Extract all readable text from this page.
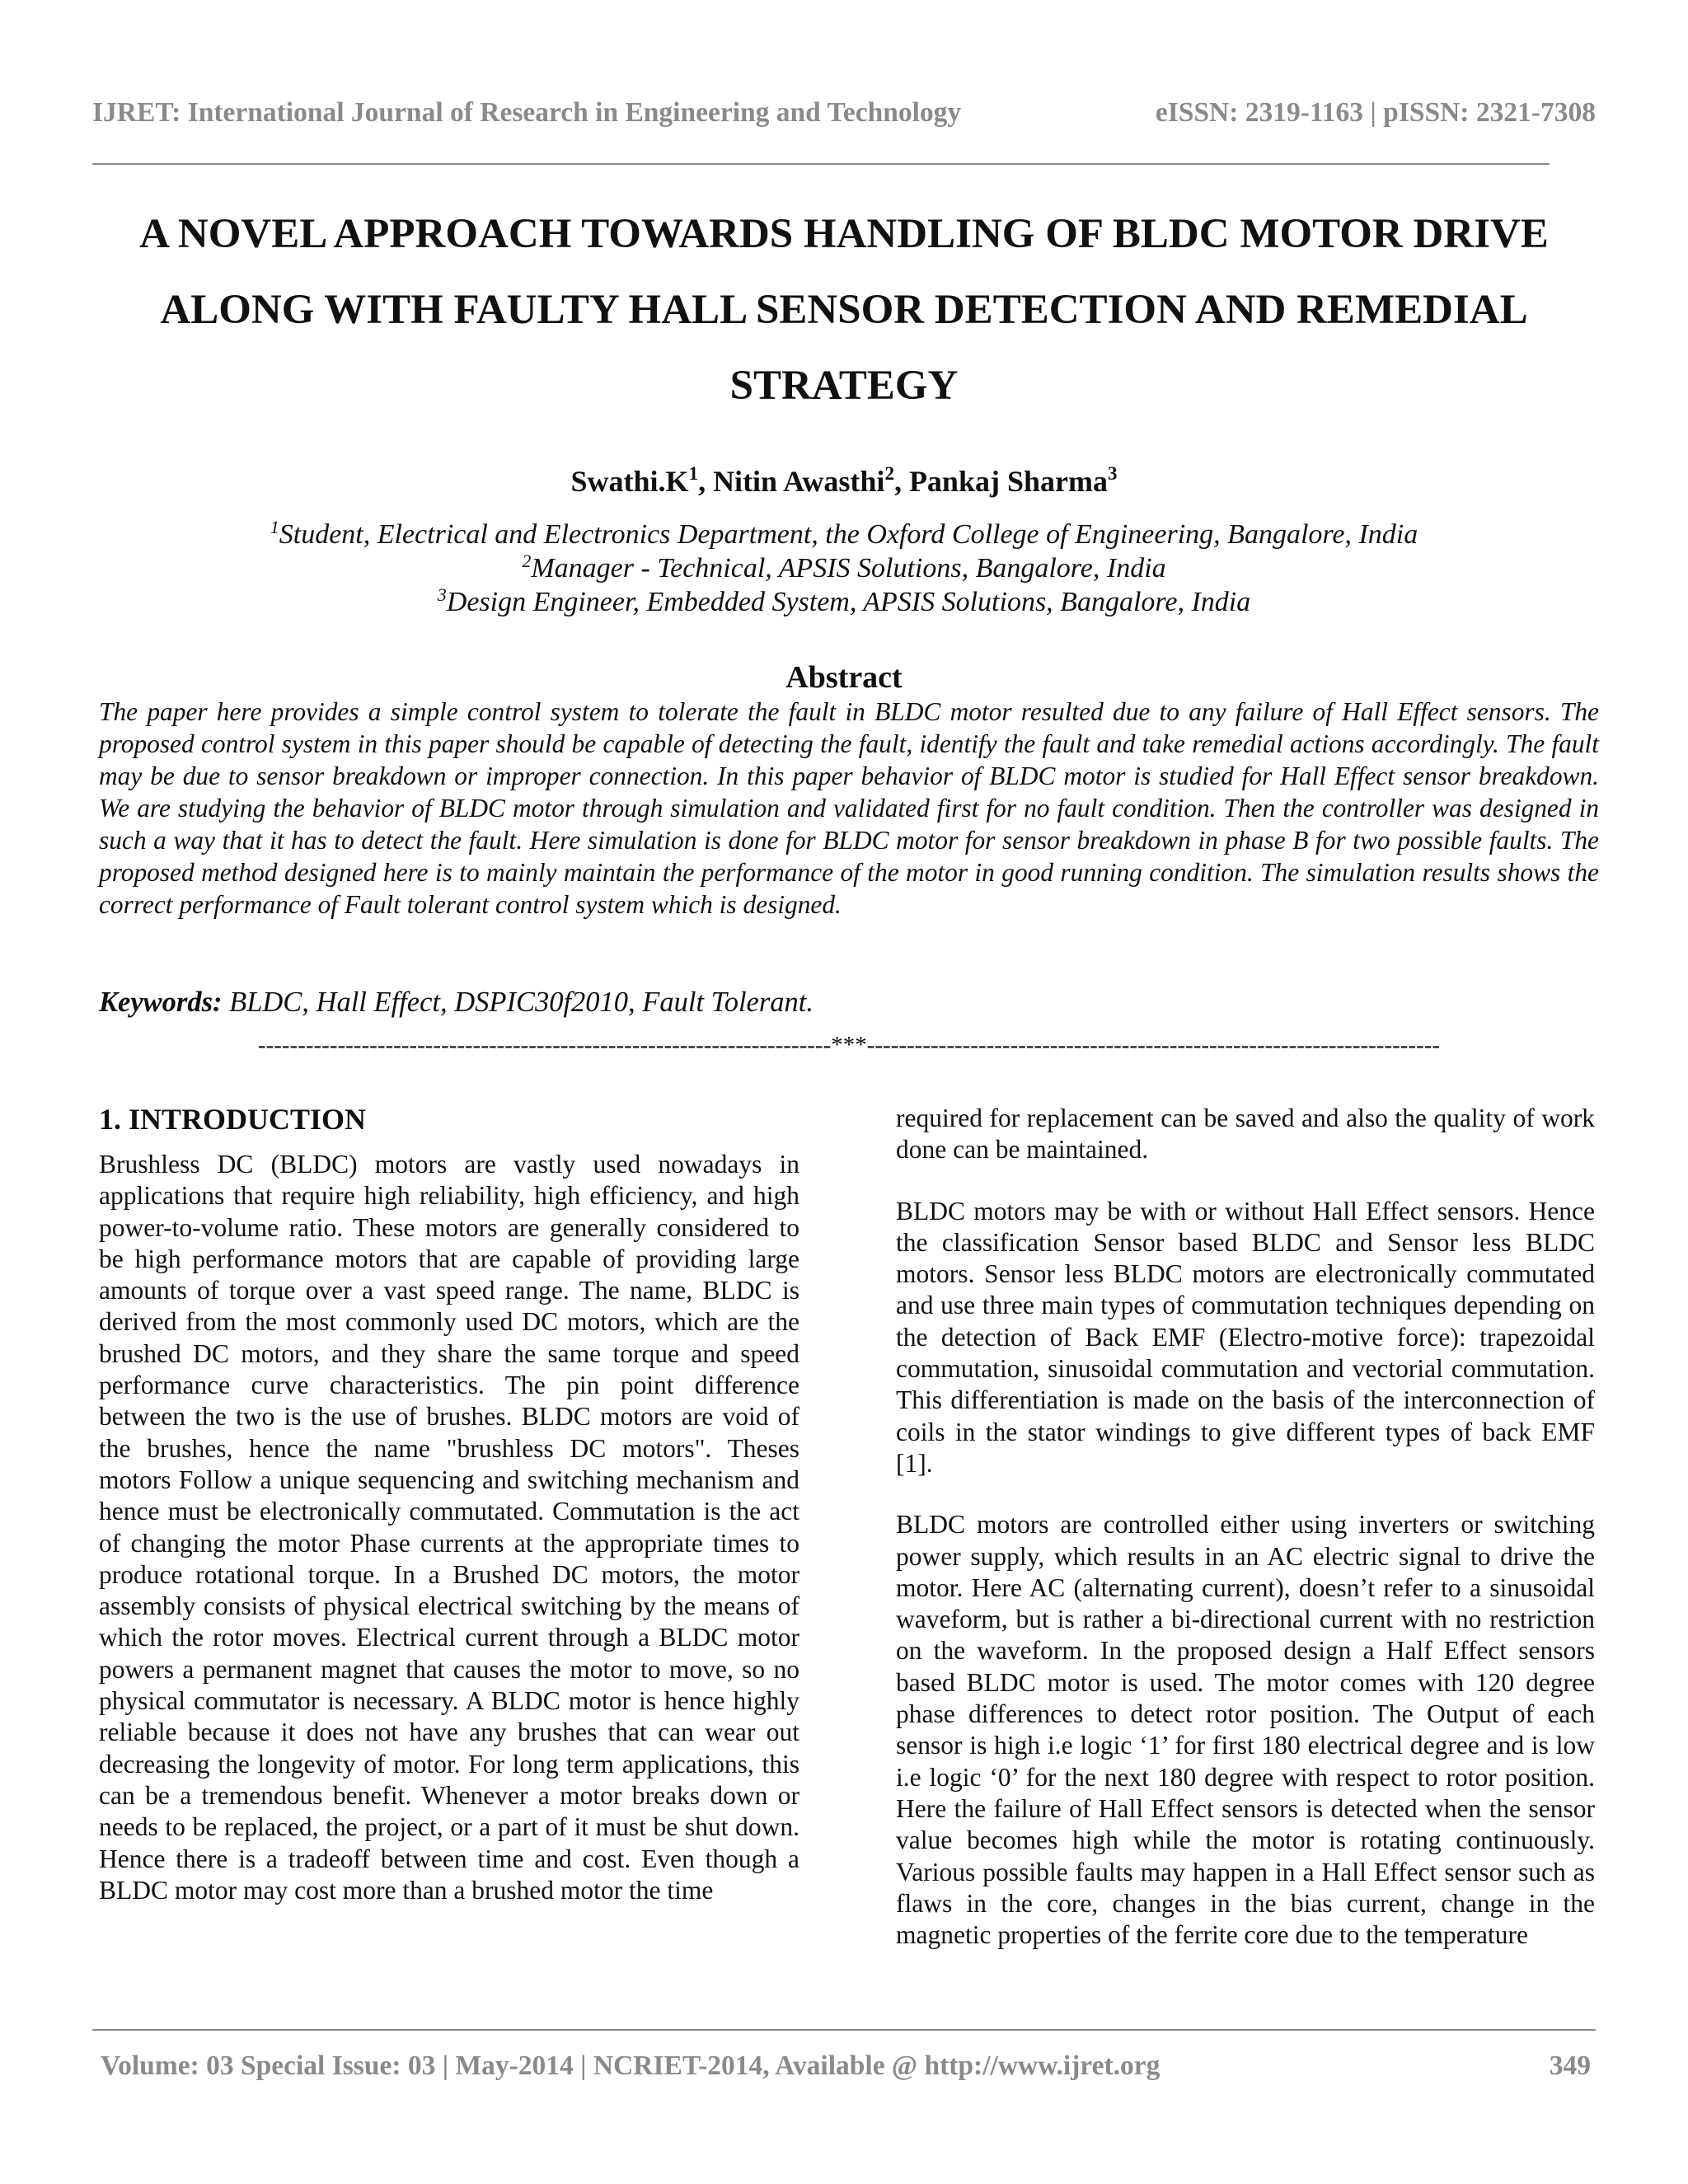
IJRET: International Journal of Research in Engineering and Technology	eISSN: 2319-1163 | pISSN: 2321-7308
A NOVEL APPROACH TOWARDS HANDLING OF BLDC MOTOR DRIVE ALONG WITH FAULTY HALL SENSOR DETECTION AND REMEDIAL STRATEGY
$Swathi.K^1$, Nitin Awasthi$^2$, Pankaj Sharma$^3$
$^1$Student, Electrical and Electronics Department, the Oxford College of Engineering, Bangalore, India
$^2$Manager - Technical, APSIS Solutions, Bangalore, India
$^3$Design Engineer, Embedded System, APSIS Solutions, Bangalore, India
Abstract
The paper here provides a simple control system to tolerate the fault in BLDC motor resulted due to any failure of Hall Effect sensors. The proposed control system in this paper should be capable of detecting the fault, identify the fault and take remedial actions accordingly. The fault may be due to sensor breakdown or improper connection. In this paper behavior of BLDC motor is studied for Hall Effect sensor breakdown. We are studying the behavior of BLDC motor through simulation and validated first for no fault condition. Then the controller was designed in such a way that it has to detect the fault. Here simulation is done for BLDC motor for sensor breakdown in phase B for two possible faults. The proposed method designed here is to mainly maintain the performance of the motor in good running condition. The simulation results shows the correct performance of Fault tolerant control system which is designed.
Keywords: BLDC, Hall Effect, DSPIC30f2010, Fault Tolerant.
------------------------------------------------------------------------***------------------------------------------------------------------------
1. INTRODUCTION

Brushless DC (BLDC) motors are vastly used nowadays in applications that require high reliability, high efficiency, and high power-to-volume ratio. These motors are generally considered to be high performance motors that are capable of providing large amounts of torque over a vast speed range. The name, BLDC is derived from the most commonly used DC motors, which are the brushed DC motors, and they share the same torque and speed performance curve characteristics. The pin point difference between the two is the use of brushes. BLDC motors are void of the brushes, hence the name "brushless DC motors". Theses motors Follow a unique sequencing and switching mechanism and hence must be electronically commutated. Commutation is the act of changing the motor Phase currents at the appropriate times to produce rotational torque. In a Brushed DC motors, the motor assembly consists of physical electrical switching by the means of which the rotor moves. Electrical current through a BLDC motor powers a permanent magnet that causes the motor to move, so no physical commutator is necessary. A BLDC motor is hence highly reliable because it does not have any brushes that can wear out decreasing the longevity of motor. For long term applications, this can be a tremendous benefit. Whenever a motor breaks down or needs to be replaced, the project, or a part of it must be shut down. Hence there is a tradeoff between time and cost. Even though a BLDC motor may cost more than a brushed motor the time

required for replacement can be saved and also the quality of work done can be maintained.

BLDC motors may be with or without Hall Effect sensors. Hence the classification Sensor based BLDC and Sensor less BLDC motors. Sensor less BLDC motors are electronically commutated and use three main types of commutation techniques depending on the detection of Back EMF (Electro-motive force): trapezoidal commutation, sinusoidal commutation and vectorial commutation. This differentiation is made on the basis of the interconnection of coils in the stator windings to give different types of back EMF [1].

BLDC motors are controlled either using inverters or switching power supply, which results in an AC electric signal to drive the motor. Here AC (alternating current), doesn’t refer to a sinusoidal waveform, but is rather a bi-directional current with no restriction on the waveform. In the proposed design a Half Effect sensors based BLDC motor is used. The motor comes with 120 degree phase differences to detect rotor position. The Output of each sensor is high i.e logic ‘1’ for first 180 electrical degree and is low i.e logic ‘0’ for the next 180 degree with respect to rotor position. Here the failure of Hall Effect sensors is detected when the sensor value becomes high while the motor is rotating continuously. Various possible faults may happen in a Hall Effect sensor such as flaws in the core, changes in the bias current, change in the magnetic properties of the ferrite core due to the temperature

Volume: 03 Special Issue: 03 | May-2014 | NCRIET-2014, Available @ http://www.ijret.org	349
